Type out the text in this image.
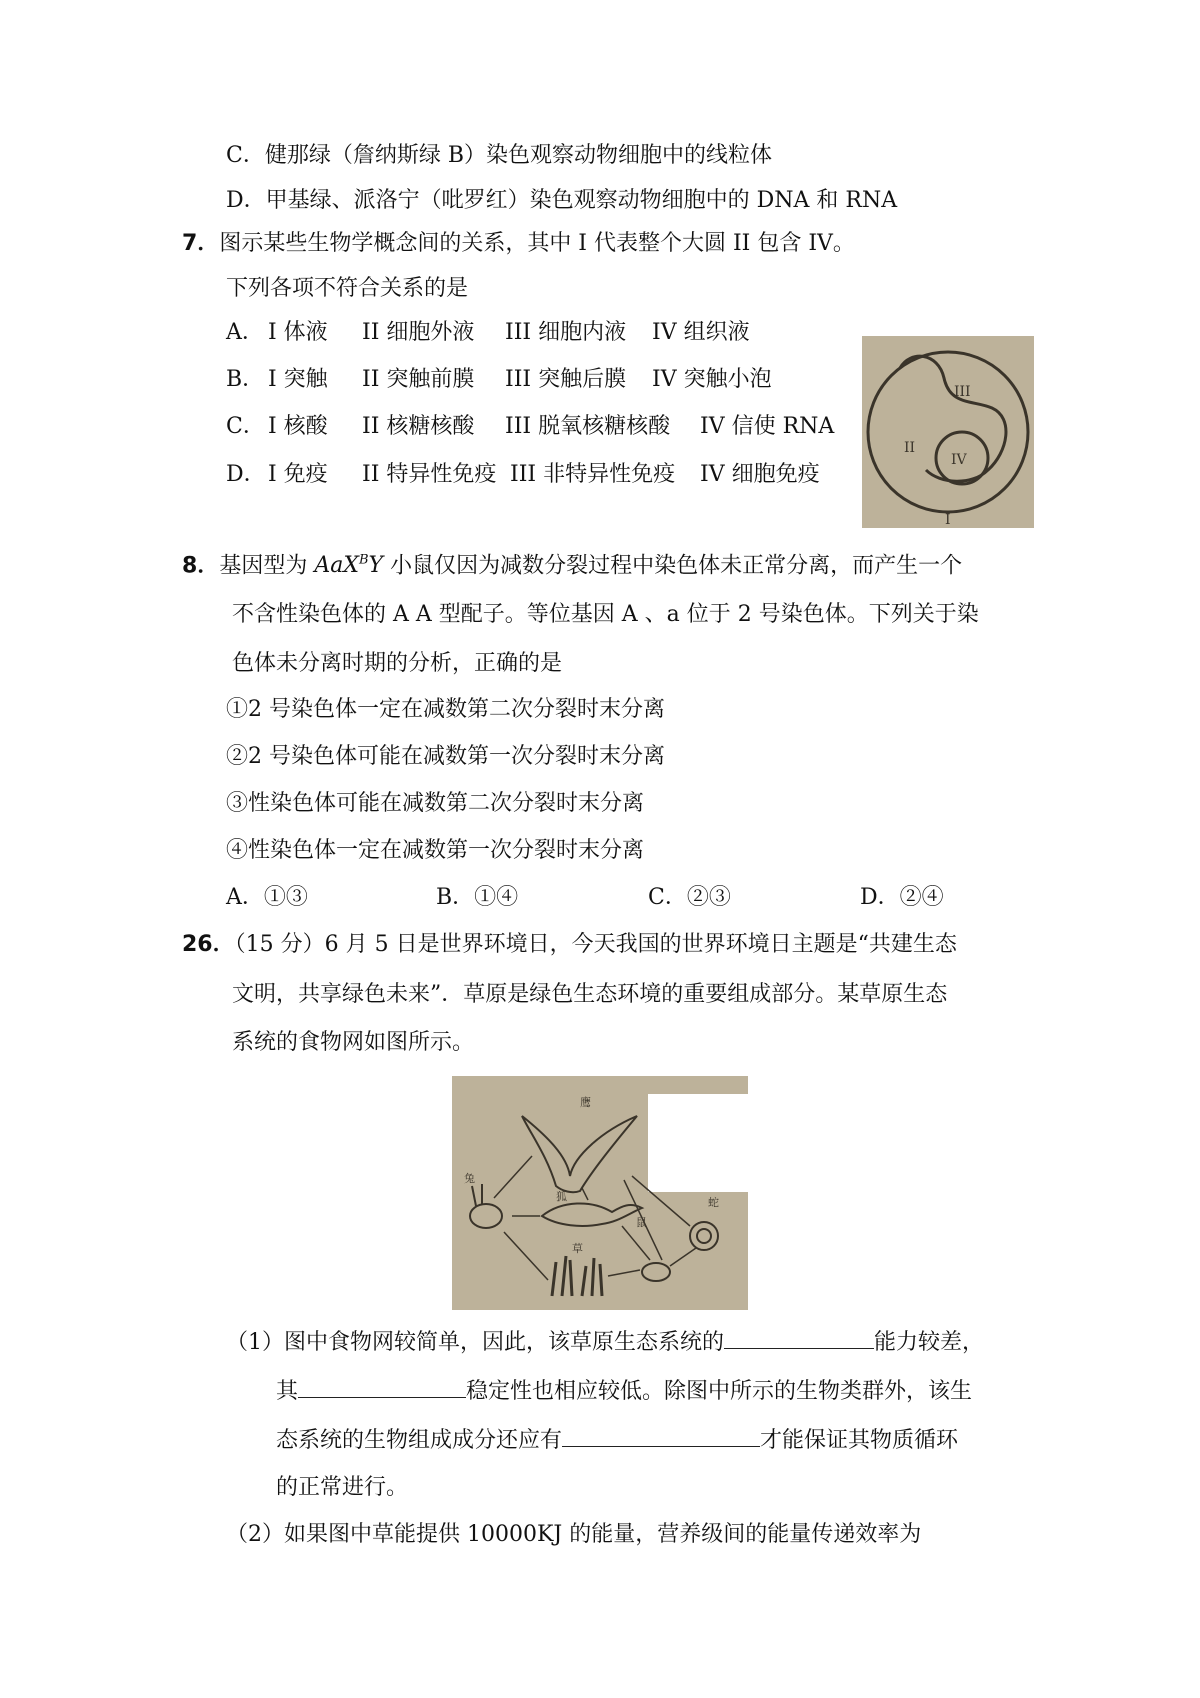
C．健那绿（詹纳斯绿 B）染色观察动物细胞中的线粒体
D．甲基绿、派洛宁（吡罗红）染色观察动物细胞中的 DNA 和 RNA
7．图示某些生物学概念间的关系，其中 I 代表整个大圆 II 包含 IV。
下列各项不符合关系的是
A． I 体液 II 细胞外液 III 细胞内液 IV 组织液
B． I 突触 II 突触前膜 III 突触后膜 IV 突触小泡
C． I 核酸 II 核糖核酸 III 脱氧核糖核酸 IV 信使 RNA
D． I 免疫 II 特异性免疫 III 非特异性免疫 IV 细胞免疫
III
II
IV
I
8．基因型为 AaX$^B$Y 小鼠仅因为减数分裂过程中染色体未正常分离，而产生一个
不含性染色体的 A A 型配子。等位基因 A 、a 位于 2 号染色体。下列关于染
色体未分离时期的分析，正确的是
①2 号染色体一定在减数第二次分裂时末分离
②2 号染色体可能在减数第一次分裂时末分离
③性染色体可能在减数第二次分裂时末分离
④性染色体一定在减数第一次分裂时末分离
A．①③	B．①④	C．②③	D．②④
26．（15 分）6 月 5 日是世界环境日，今天我国的世界环境日主题是“共建生态
文明，共享绿色未来”．草原是绿色生态环境的重要组成部分。某草原生态
系统的食物网如图所示。
鹰
兔
狐
草
鼠
蛇
（1）图中食物网较简单，因此，该草原生态系统的	能力较差，
其	稳定性也相应较低。除图中所示的生物类群外，该生
态系统的生物组成成分还应有	才能保证其物质循环
的正常进行。
（2）如果图中草能提供 10000KJ 的能量，营养级间的能量传递效率为
